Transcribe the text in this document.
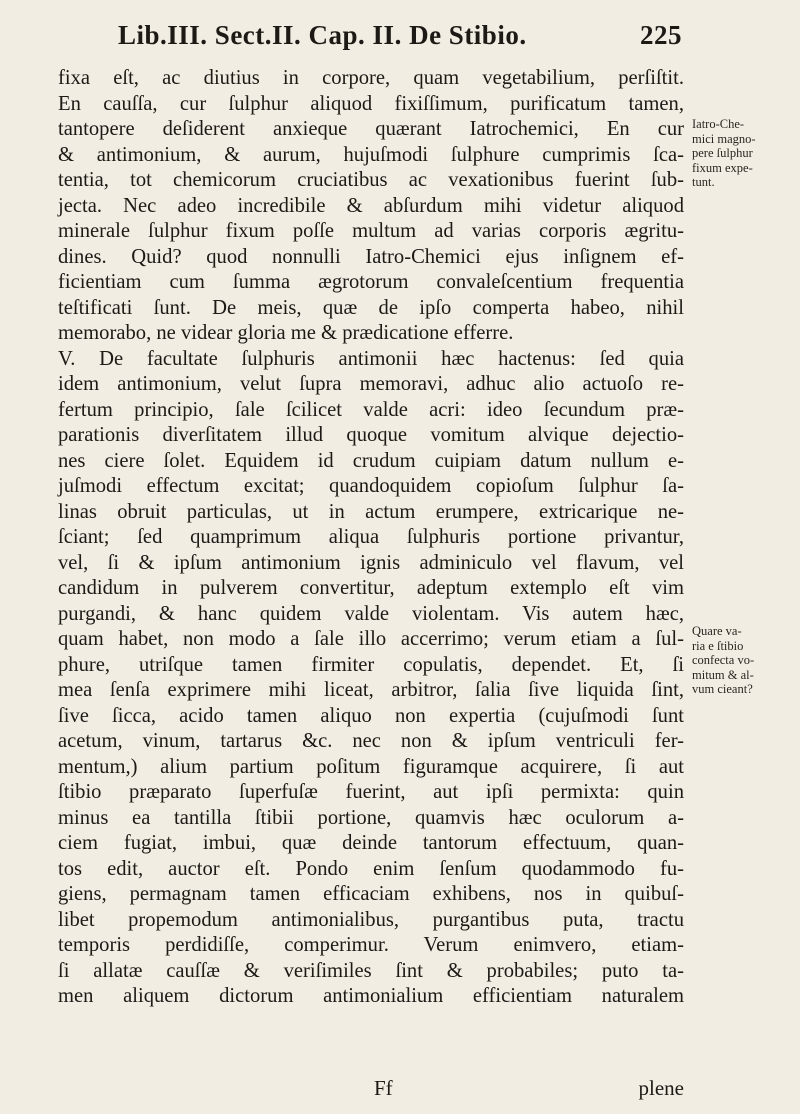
Lib.III. Sect.II. Cap. II. De Stibio.	225
fixa eſt, ac diutius in corpore, quam vegetabilium, perſiſtit.
En cauſſa, cur ſulphur aliquod fixiſſimum, purificatum tamen,
tantopere deſiderent anxieque quærant Iatrochemici, En cur
& antimonium, & aurum, hujuſmodi ſulphure cumprimis ſca-
tentia, tot chemicorum cruciatibus ac vexationibus fuerint ſub-
jecta. Nec adeo incredibile & abſurdum mihi videtur aliquod
minerale ſulphur fixum poſſe multum ad varias corporis ægritu-
dines. Quid? quod nonnulli Iatro-Chemici ejus inſignem ef-
ficientiam cum ſumma ægrotorum convaleſcentium frequentia
teſtificati ſunt. De meis, quæ de ipſo comperta habeo, nihil
memorabo, ne videar gloria me & prædicatione efferre.
V. De facultate ſulphuris antimonii hæc hactenus: ſed quia
idem antimonium, velut ſupra memoravi, adhuc alio actuoſo re-
fertum principio, ſale ſcilicet valde acri: ideo ſecundum præ-
parationis diverſitatem illud quoque vomitum alvique dejectio-
nes ciere ſolet. Equidem id crudum cuipiam datum nullum e-
juſmodi effectum excitat; quandoquidem copioſum ſulphur ſa-
linas obruit particulas, ut in actum erumpere, extricarique ne-
ſciant; ſed quamprimum aliqua ſulphuris portione privantur,
vel, ſi & ipſum antimonium ignis adminiculo vel flavum, vel
candidum in pulverem convertitur, adeptum extemplo eſt vim
purgandi, & hanc quidem valde violentam. Vis autem hæc,
quam habet, non modo a ſale illo accerrimo; verum etiam a ſul-
phure, utriſque tamen firmiter copulatis, dependet. Et, ſi
mea ſenſa exprimere mihi liceat, arbitror, ſalia ſive liquida ſint,
ſive ſicca, acido tamen aliquo non expertia (cujuſmodi ſunt
acetum, vinum, tartarus &c. nec non & ipſum ventriculi fer-
mentum,) alium partium poſitum figuramque acquirere, ſi aut
ſtibio præparato ſuperfuſæ fuerint, aut ipſi permixta: quin
minus ea tantilla ſtibii portione, quamvis hæc oculorum a-
ciem fugiat, imbui, quæ deinde tantorum effectuum, quan-
tos edit, auctor eſt. Pondo enim ſenſum quodammodo fu-
giens, permagnam tamen efficaciam exhibens, nos in quibuſ-
libet propemodum antimonialibus, purgantibus puta, tractu
temporis perdidiſſe, comperimur. Verum enimvero, etiam-
ſi allatæ cauſſæ & veriſimiles ſint & probabiles; puto ta-
men aliquem dictorum antimonialium efficientiam naturalem
Iatro-Che-
mici magno-
pere ſulphur
fixum expe-
tunt.
Quare va-
ria e ſtibio
confecta vo-
mitum & al-
vum cieant?
Ff	plene
